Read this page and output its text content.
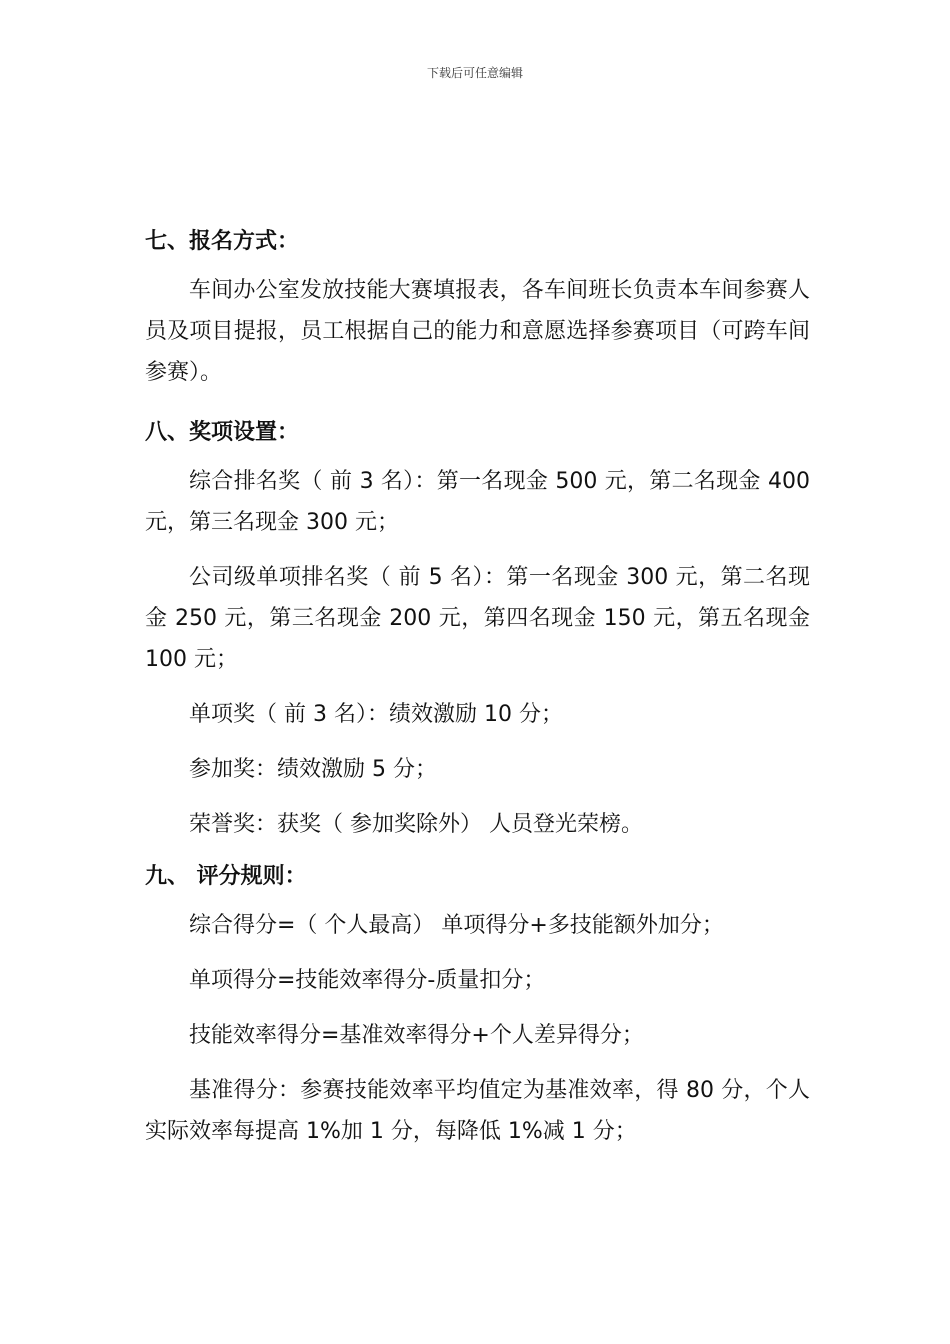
下载后可任意编辑
七、报名方式：

车间办公室发放技能大赛填报表，各车间班长负责本车间参赛人员及项目提报，员工根据自己的能力和意愿选择参赛项目（可跨车间参赛）。

八、奖项设置：

综合排名奖（ 前 3 名）：第一名现金 500 元，第二名现金 400 元，第三名现金 300 元；

公司级单项排名奖（ 前 5 名）：第一名现金 300 元，第二名现金 250 元，第三名现金 200 元，第四名现金 150 元，第五名现金 100 元；

单项奖（ 前 3 名）：绩效激励 10 分；

参加奖：绩效激励 5 分；

荣誉奖：获奖（ 参加奖除外） 人员登光荣榜。

九、 评分规则：

综合得分=（ 个人最高） 单项得分+多技能额外加分；

单项得分=技能效率得分-质量扣分；

技能效率得分=基准效率得分+个人差异得分；

基准得分：参赛技能效率平均值定为基准效率，得 80 分，个人实际效率每提高 1%加 1 分，每降低 1%减 1 分；
